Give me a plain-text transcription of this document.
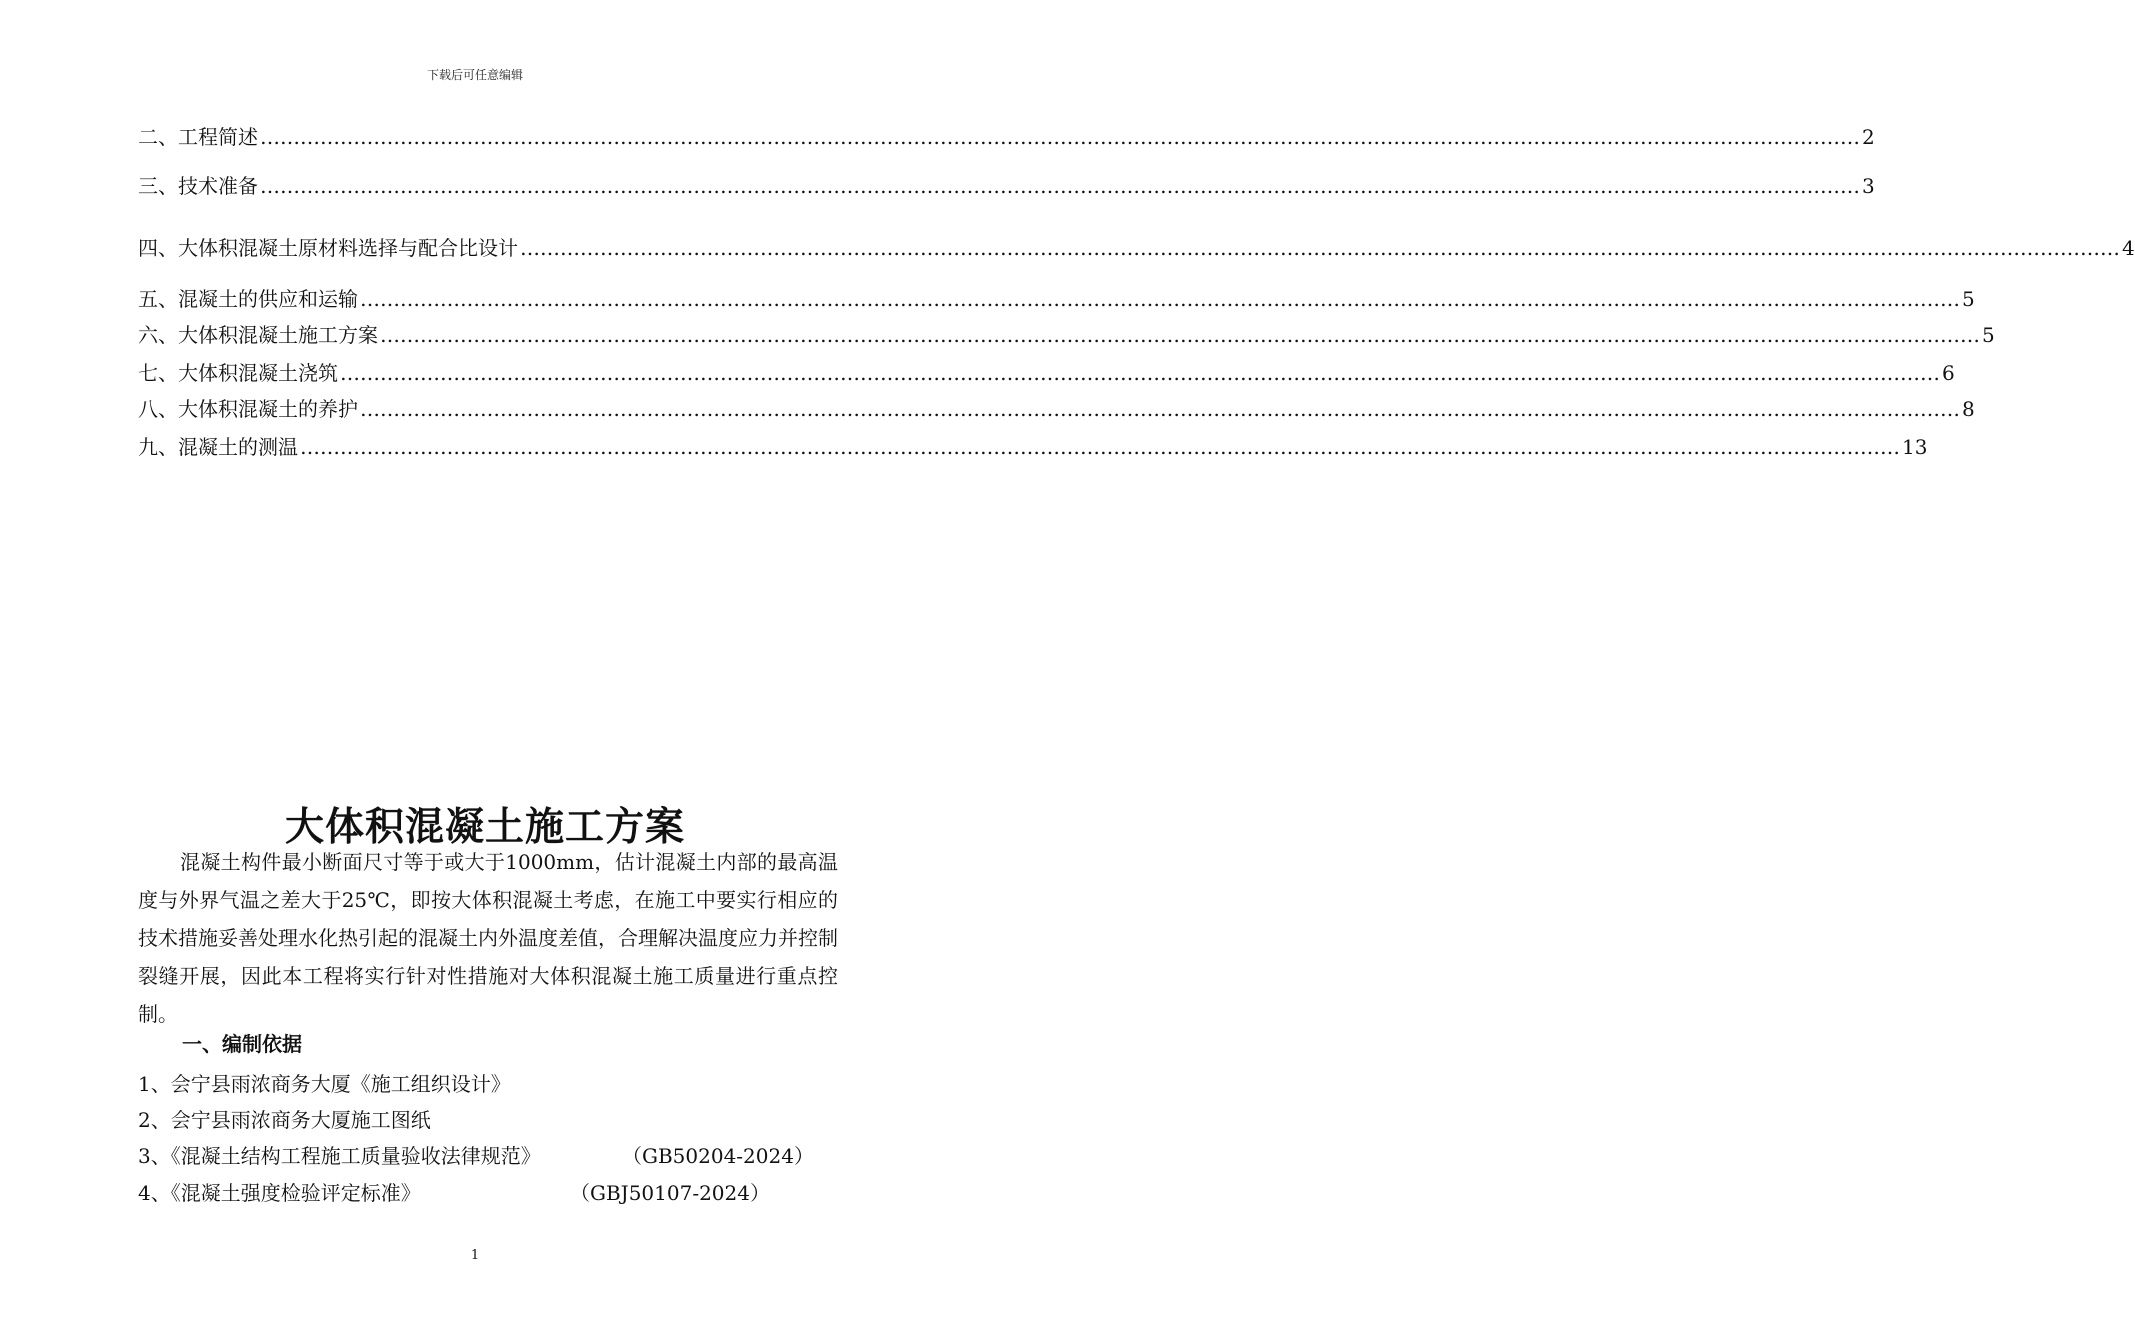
下载后可任意编辑
二、工程简述 …………………………………………………………………………………………………………………………………………………………………………………………………………………… 2
三、技术准备 …………………………………………………………………………………………………………………………………………………………………………………………………………………… 3
四、大体积混凝土原材料选择与配合比设计 …………………………………………………………………………………………………………………………………………………………………………………………………………………… 4
五、混凝土的供应和运输 …………………………………………………………………………………………………………………………………………………………………………………………………………………… 5
六、大体积混凝土施工方案 …………………………………………………………………………………………………………………………………………………………………………………………………………………… 5
七、大体积混凝土浇筑 …………………………………………………………………………………………………………………………………………………………………………………………………………………… 6
八、大体积混凝土的养护 …………………………………………………………………………………………………………………………………………………………………………………………………………………… 8
九、混凝土的测温 …………………………………………………………………………………………………………………………………………………………………………………………………………………… 13
大体积混凝土施工方案

混凝土构件最小断面尺寸等于或大于1000mm，估计混凝土内部的最高温度与外界气温之差大于25℃，即按大体积混凝土考虑，在施工中要实行相应的技术措施妥善处理水化热引起的混凝土内外温度差值，合理解决温度应力并控制裂缝开展，因此本工程将实行针对性措施对大体积混凝土施工质量进行重点控制。

一、编制依据
1、会宁县雨浓商务大厦《施工组织设计》
2、会宁县雨浓商务大厦施工图纸
3、《混凝土结构工程施工质量验收法律规范》	（GB50204-2024）
4、《混凝土强度检验评定标准》	（GBJ50107-2024）
1
